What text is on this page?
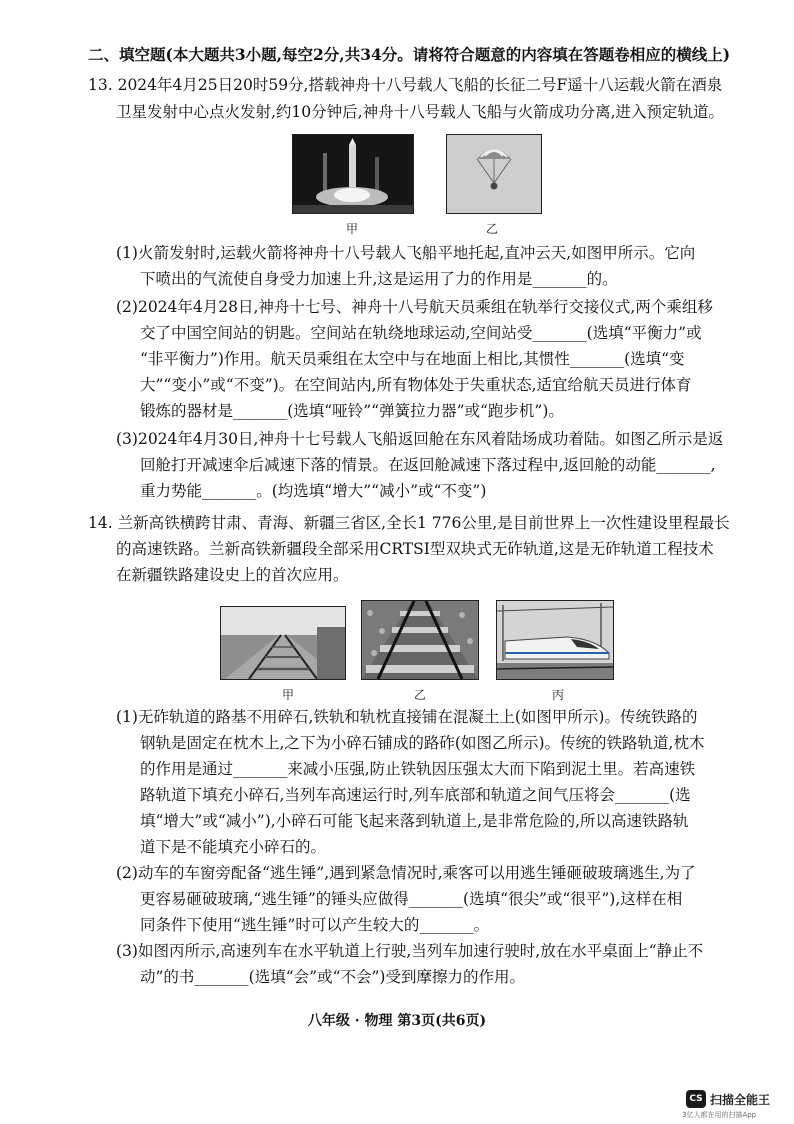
二、填空题(本大题共3小题,每空2分,共34分。请将符合题意的内容填在答题卷相应的横线上)
13. 2024年4月25日20时59分,搭载神舟十八号载人飞船的长征二号F遥十八运载火箭在酒泉
卫星发射中心点火发射,约10分钟后,神舟十八号载人飞船与火箭成功分离,进入预定轨道。
甲	乙
(1)火箭发射时,运载火箭将神舟十八号载人飞船平地托起,直冲云天,如图甲所示。它向
下喷出的气流使自身受力加速上升,这是运用了力的作用是_______的。
(2)2024年4月28日,神舟十七号、神舟十八号航天员乘组在轨举行交接仪式,两个乘组移
交了中国空间站的钥匙。空间站在轨绕地球运动,空间站受_______(选填“平衡力”或
“非平衡力”)作用。航天员乘组在太空中与在地面上相比,其惯性_______(选填“变
大”“变小”或“不变”)。在空间站内,所有物体处于失重状态,适宜给航天员进行体育
锻炼的器材是_______(选填“哑铃”“弹簧拉力器”或“跑步机”)。
(3)2024年4月30日,神舟十七号载人飞船返回舱在东风着陆场成功着陆。如图乙所示是返
回舱打开减速伞后减速下落的情景。在返回舱减速下落过程中,返回舱的动能_______,
重力势能_______。(均选填“增大”“减小”或“不变”)
14. 兰新高铁横跨甘肃、青海、新疆三省区,全长1 776公里,是目前世界上一次性建设里程最长
的高速铁路。兰新高铁新疆段全部采用CRTSI型双块式无砟轨道,这是无砟轨道工程技术
在新疆铁路建设史上的首次应用。
甲	乙	丙
(1)无砟轨道的路基不用碎石,铁轨和轨枕直接铺在混凝土上(如图甲所示)。传统铁路的
钢轨是固定在枕木上,之下为小碎石铺成的路砟(如图乙所示)。传统的铁路轨道,枕木
的作用是通过_______来减小压强,防止铁轨因压强太大而下陷到泥土里。若高速铁
路轨道下填充小碎石,当列车高速运行时,列车底部和轨道之间气压将会_______(选
填“增大”或“减小”),小碎石可能飞起来落到轨道上,是非常危险的,所以高速铁路轨
道下是不能填充小碎石的。
(2)动车的车窗旁配备“逃生锤”,遇到紧急情况时,乘客可以用逃生锤砸破玻璃逃生,为了
更容易砸破玻璃,“逃生锤”的锤头应做得_______(选填“很尖”或“很平”),这样在相
同条件下使用“逃生锤”时可以产生较大的_______。
(3)如图丙所示,高速列车在水平轨道上行驶,当列车加速行驶时,放在水平桌面上“静止不
动”的书_______(选填“会”或“不会”)受到摩擦力的作用。
八年级 · 物理 第3页(共6页)
CS 扫描全能王
3亿人都在用的扫描App
